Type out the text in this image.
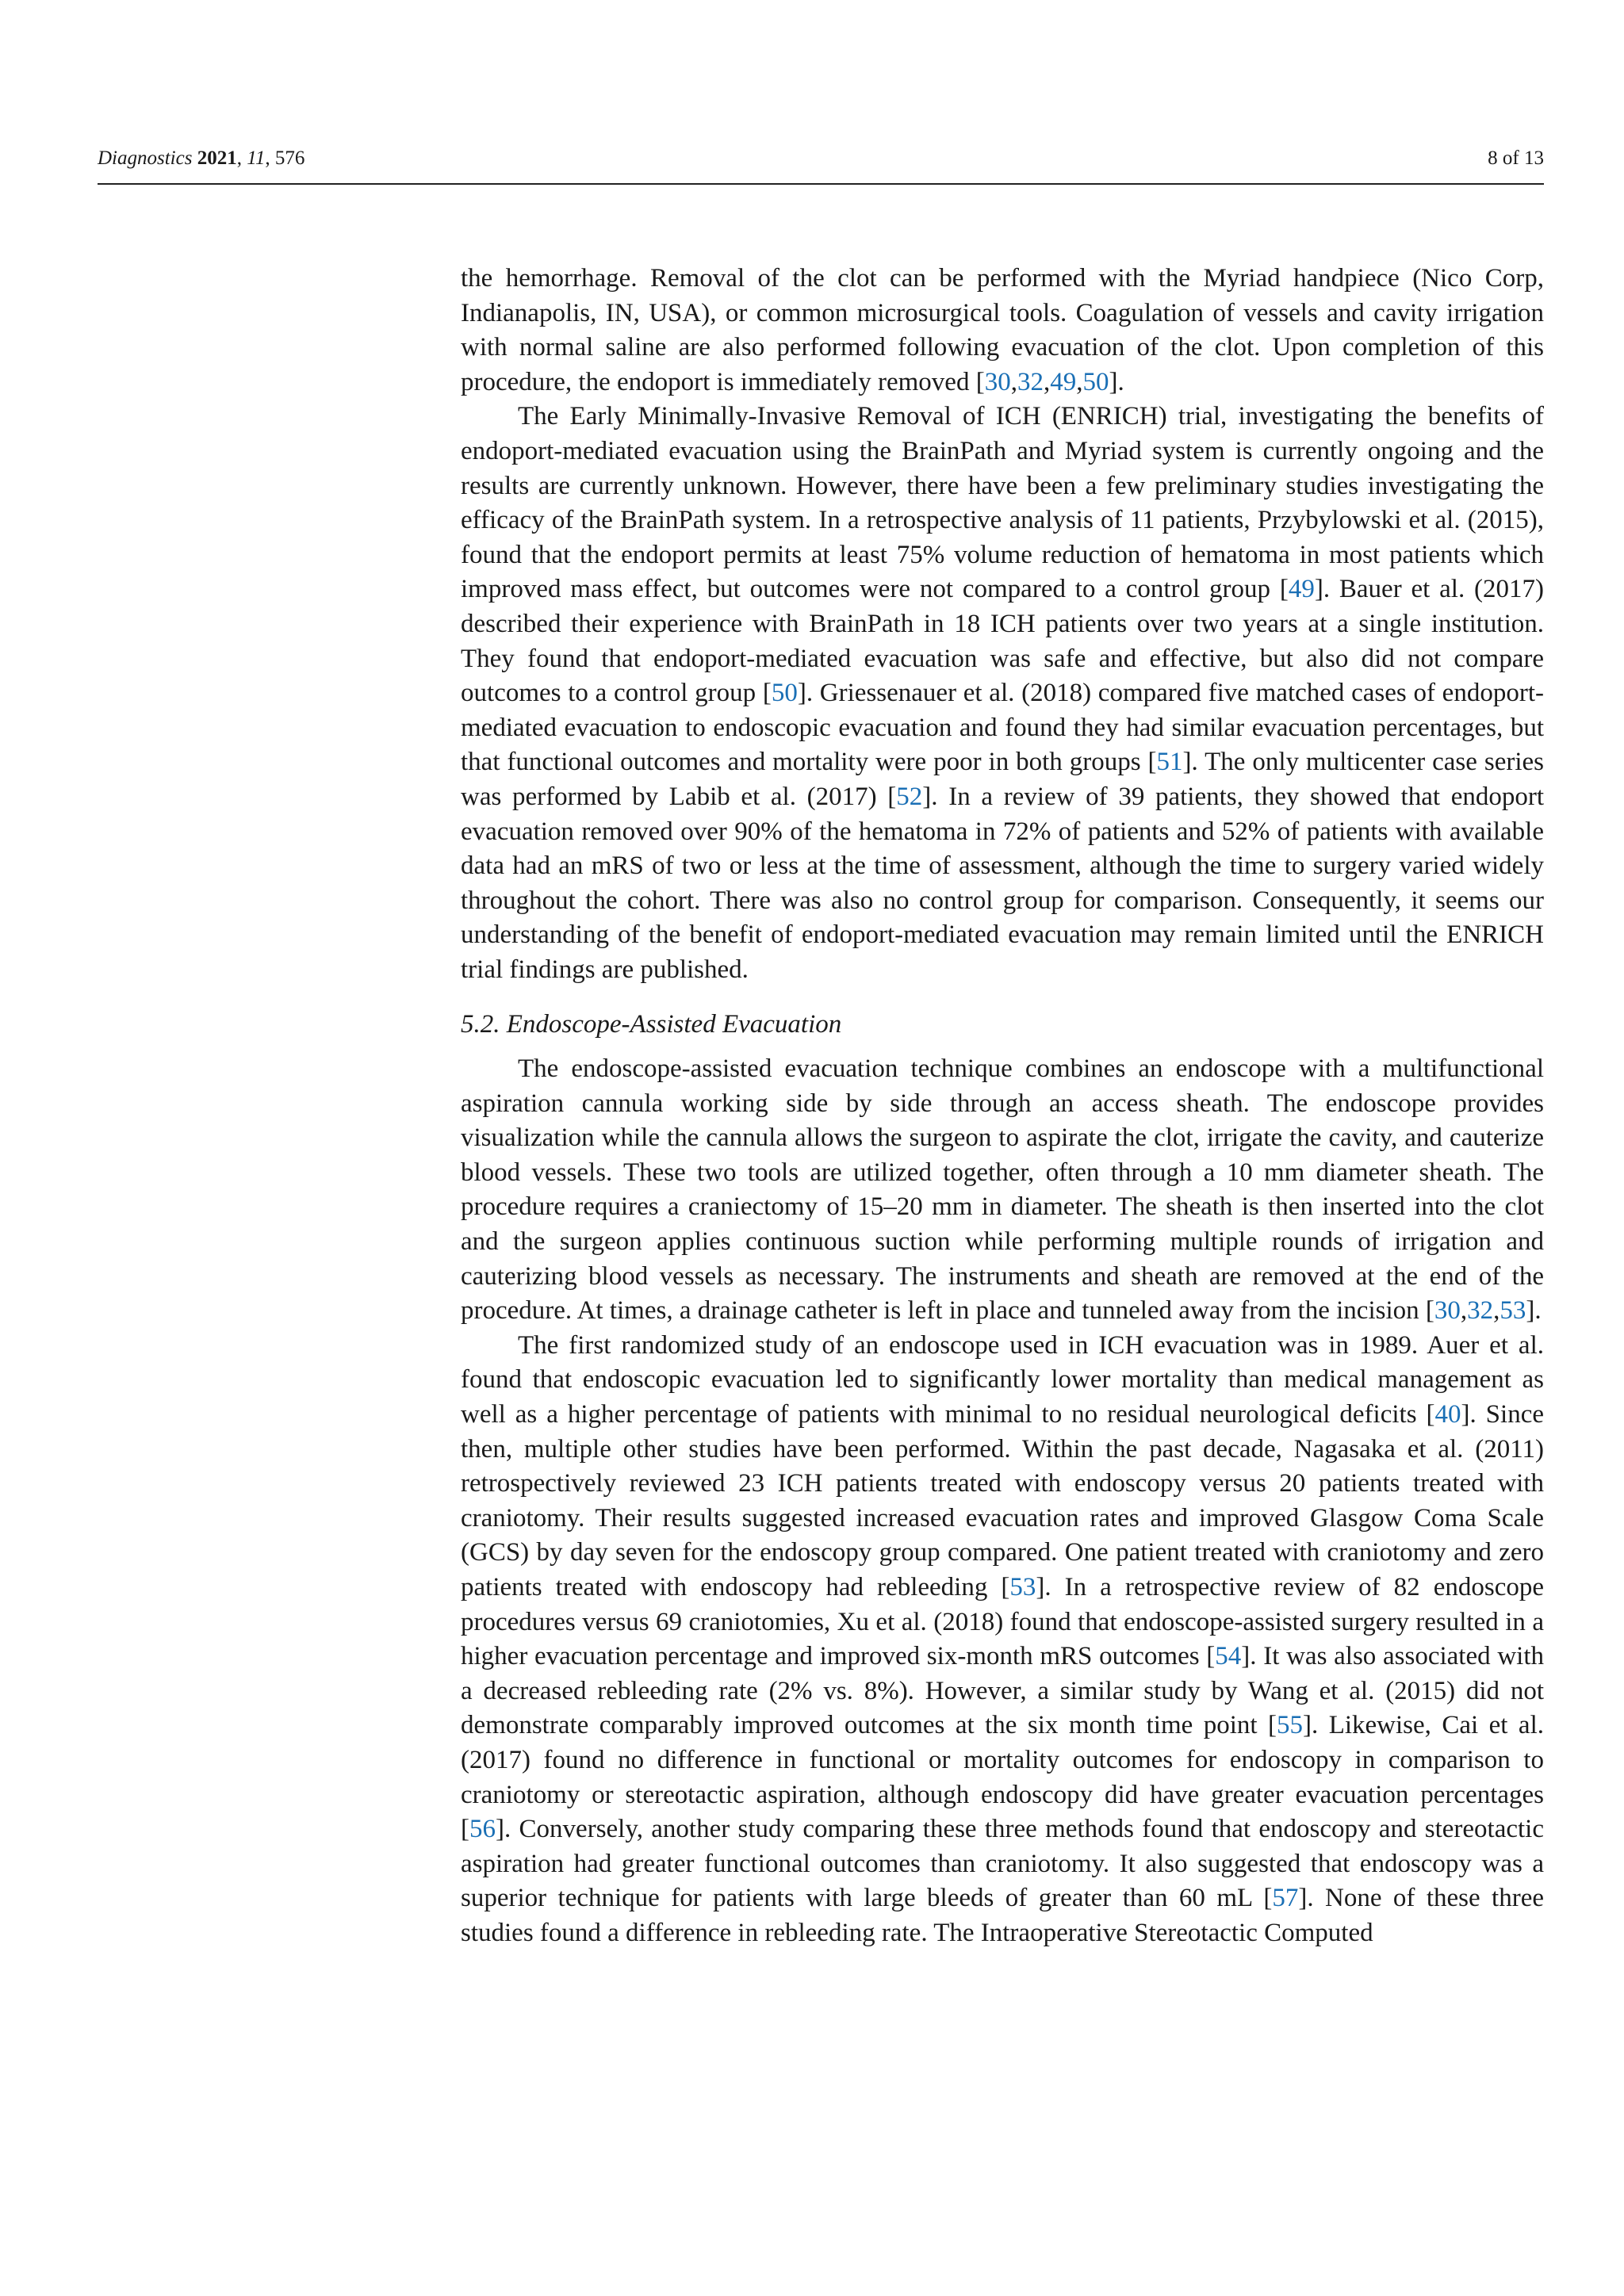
Diagnostics 2021, 11, 576	8 of 13

the hemorrhage. Removal of the clot can be performed with the Myriad handpiece (Nico Corp, Indianapolis, IN, USA), or common microsurgical tools. Coagulation of vessels and cavity irrigation with normal saline are also performed following evacuation of the clot. Upon completion of this procedure, the endoport is immediately removed [30,32,49,50].

The Early Minimally-Invasive Removal of ICH (ENRICH) trial, investigating the benefits of endoport-mediated evacuation using the BrainPath and Myriad system is currently ongoing and the results are currently unknown. However, there have been a few preliminary studies investigating the efficacy of the BrainPath system. In a retrospective analysis of 11 patients, Przybylowski et al. (2015), found that the endoport permits at least 75% volume reduction of hematoma in most patients which improved mass effect, but outcomes were not compared to a control group [49]. Bauer et al. (2017) described their experience with BrainPath in 18 ICH patients over two years at a single institution. They found that endoport-mediated evacuation was safe and effective, but also did not compare outcomes to a control group [50]. Griessenauer et al. (2018) compared five matched cases of endoport-mediated evacuation to endoscopic evacuation and found they had similar evacuation percentages, but that functional outcomes and mortality were poor in both groups [51]. The only multicenter case series was performed by Labib et al. (2017) [52]. In a review of 39 patients, they showed that endoport evacuation removed over 90% of the hematoma in 72% of patients and 52% of patients with available data had an mRS of two or less at the time of assessment, although the time to surgery varied widely throughout the cohort. There was also no control group for comparison. Consequently, it seems our understanding of the benefit of endoport-mediated evacuation may remain limited until the ENRICH trial findings are published.

5.2. Endoscope-Assisted Evacuation

The endoscope-assisted evacuation technique combines an endoscope with a multifunctional aspiration cannula working side by side through an access sheath. The endoscope provides visualization while the cannula allows the surgeon to aspirate the clot, irrigate the cavity, and cauterize blood vessels. These two tools are utilized together, often through a 10 mm diameter sheath. The procedure requires a craniectomy of 15–20 mm in diameter. The sheath is then inserted into the clot and the surgeon applies continuous suction while performing multiple rounds of irrigation and cauterizing blood vessels as necessary. The instruments and sheath are removed at the end of the procedure. At times, a drainage catheter is left in place and tunneled away from the incision [30,32,53].

The first randomized study of an endoscope used in ICH evacuation was in 1989. Auer et al. found that endoscopic evacuation led to significantly lower mortality than medical management as well as a higher percentage of patients with minimal to no residual neurological deficits [40]. Since then, multiple other studies have been performed. Within the past decade, Nagasaka et al. (2011) retrospectively reviewed 23 ICH patients treated with endoscopy versus 20 patients treated with craniotomy. Their results suggested increased evacuation rates and improved Glasgow Coma Scale (GCS) by day seven for the endoscopy group compared. One patient treated with craniotomy and zero patients treated with endoscopy had rebleeding [53]. In a retrospective review of 82 endoscope procedures versus 69 craniotomies, Xu et al. (2018) found that endoscope-assisted surgery resulted in a higher evacuation percentage and improved six-month mRS outcomes [54]. It was also associated with a decreased rebleeding rate (2% vs. 8%). However, a similar study by Wang et al. (2015) did not demonstrate comparably improved outcomes at the six month time point [55]. Likewise, Cai et al. (2017) found no difference in functional or mortality outcomes for endoscopy in comparison to craniotomy or stereotactic aspiration, although endoscopy did have greater evacuation percentages [56]. Conversely, another study comparing these three methods found that endoscopy and stereotactic aspiration had greater functional outcomes than craniotomy. It also suggested that endoscopy was a superior technique for patients with large bleeds of greater than 60 mL [57]. None of these three studies found a difference in rebleeding rate. The Intraoperative Stereotactic Computed
